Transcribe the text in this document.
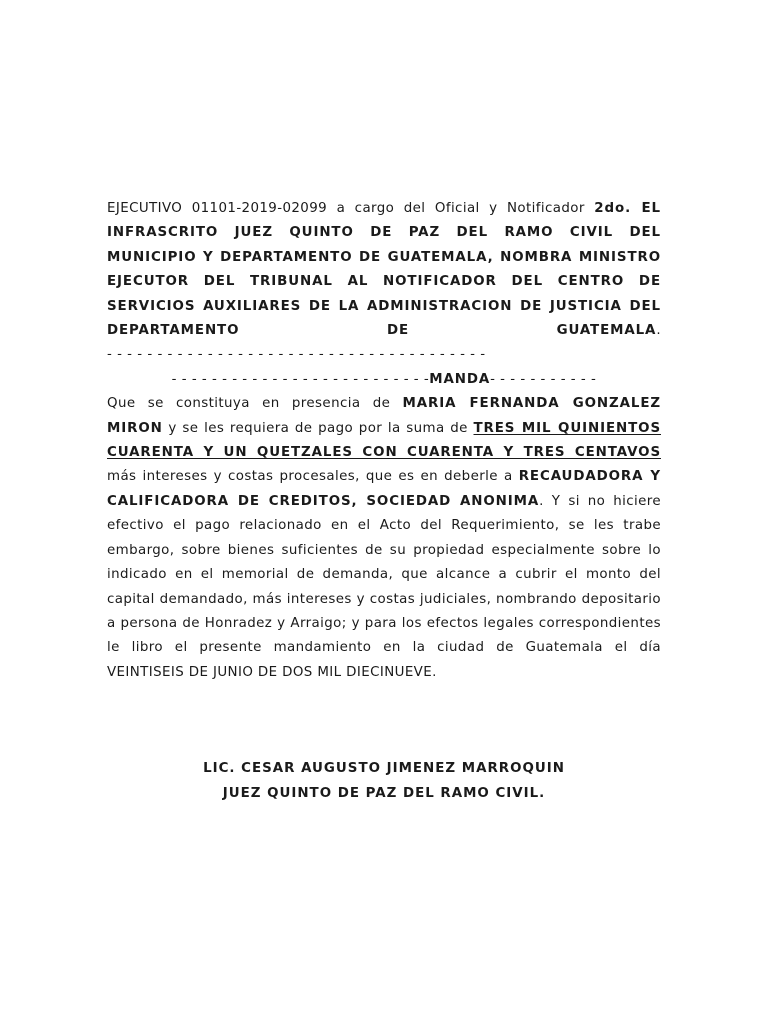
EJECUTIVO 01101-2019-02099 a cargo del Oficial y Notificador 2do. EL INFRASCRITO JUEZ QUINTO DE PAZ DEL RAMO CIVIL DEL MUNICIPIO Y DEPARTAMENTO DE GUATEMALA, NOMBRA MINISTRO EJECUTOR DEL TRIBUNAL AL NOTIFICADOR DEL CENTRO DE SERVICIOS AUXILIARES DE LA ADMINISTRACION DE JUSTICIA DEL DEPARTAMENTO DE GUATEMALA. - - - - - - - - - - - - - - - - - - - - - - - - - - - - - - - - - - - - - -

- - - - - - - - - - - - - - - - - - - - - - - - - -MANDA- - - - - - - - - - -

Que se constituya en presencia de MARIA FERNANDA GONZALEZ MIRON y se les requiera de pago por la suma de TRES MIL QUINIENTOS CUARENTA Y UN QUETZALES CON CUARENTA Y TRES CENTAVOS más intereses y costas procesales, que es en deberle a RECAUDADORA Y CALIFICADORA DE CREDITOS, SOCIEDAD ANONIMA. Y si no hiciere efectivo el pago relacionado en el Acto del Requerimiento, se les trabe embargo, sobre bienes suficientes de su propiedad especialmente sobre lo indicado en el memorial de demanda, que alcance a cubrir el monto del capital demandado, más intereses y costas judiciales, nombrando depositario a persona de Honradez y Arraigo; y para los efectos legales correspondientes le libro el presente mandamiento en la ciudad de Guatemala el día VEINTISEIS DE JUNIO DE DOS MIL DIECINUEVE.

LIC. CESAR AUGUSTO JIMENEZ MARROQUIN
JUEZ QUINTO DE PAZ DEL RAMO CIVIL.
